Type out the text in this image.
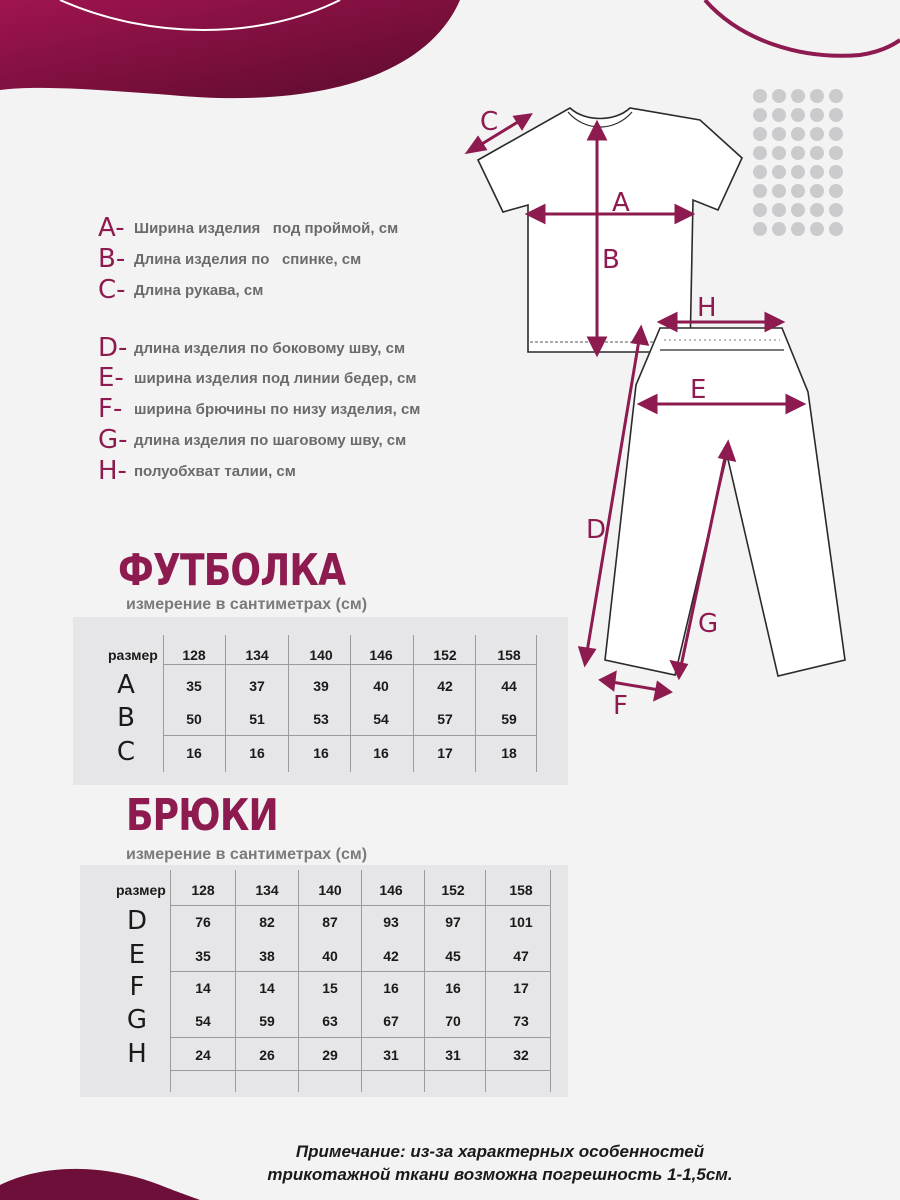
A- Ширина изделия   под проймой, см
B- Длина изделия по   спинке, см
C- Длина рукава, см
D- длина изделия по боковому шву, см
E- ширина изделия под линии бедер, см
F- ширина брючины по низу изделия, см
G- длина изделия по шаговому шву, см
H- полуобхват талии, см
A
B
C
H
E
D
G
F
ФУТБОЛКА
измерение в сантиметрах (см)
размер	128	134	140	146	152	158
A	35	37	39	40	42	44
B	50	51	53	54	57	59
C	16	16	16	16	17	18
БРЮКИ
измерение в сантиметрах (см)
размер	128	134	140	146	152	158
D	76	82	87	93	97	101
E	35	38	40	42	45	47
F	14	14	15	16	16	17
G	54	59	63	67	70	73
H	24	26	29	31	31	32
Примечание: из-за характерных особенностей
трикотажной ткани возможна погрешность 1-1,5см.
